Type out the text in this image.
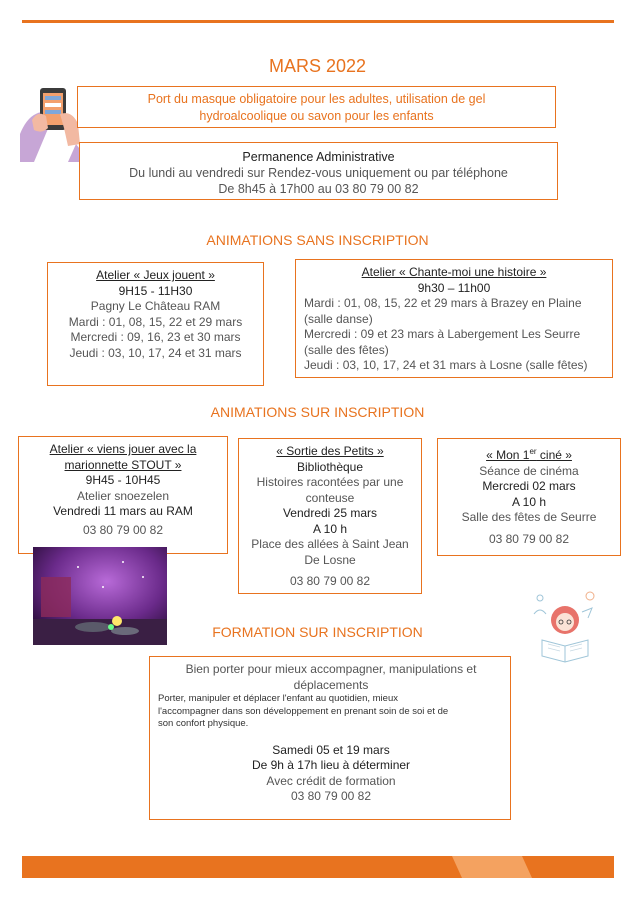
MARS 2022
Port du masque obligatoire pour les adultes, utilisation de gel
hydroalcoolique ou savon pour les enfants
Permanence Administrative
Du lundi au vendredi sur Rendez-vous uniquement ou par téléphone
De 8h45 à 17h00 au 03 80 79 00 82
ANIMATIONS SANS INSCRIPTION
Atelier « Jeux jouent »
9H15 - 11H30
Pagny Le Château RAM
Mardi : 01, 08, 15, 22 et 29 mars
Mercredi : 09, 16, 23 et 30 mars
Jeudi : 03, 10, 17, 24 et 31 mars
Atelier « Chante-moi une histoire »
9h30 – 11h00
Mardi : 01, 08, 15, 22 et 29 mars à Brazey en Plaine
(salle danse)
Mercredi : 09 et 23 mars à Labergement Les Seurre
(salle des fêtes)
Jeudi : 03, 10, 17, 24 et 31 mars à Losne (salle fêtes)
ANIMATIONS SUR INSCRIPTION
Atelier « viens jouer avec la
marionnette STOUT »
9H45 - 10H45
Atelier snoezelen
Vendredi 11 mars au RAM
03 80 79 00 82
« Sortie des Petits »
Bibliothèque
Histoires racontées par une
conteuse
Vendredi 25 mars
A 10 h
Place des allées à Saint Jean
De Losne
03 80 79 00 82
« Mon 1er ciné »
Séance de cinéma
Mercredi 02 mars
A 10 h
Salle des fêtes de Seurre
03 80 79 00 82
FORMATION SUR INSCRIPTION
Bien porter pour mieux accompagner, manipulations et
déplacements
Porter, manipuler et déplacer l'enfant au quotidien, mieux
l'accompagner dans son développement en prenant soin de soi et de
son confort physique.
Samedi 05 et 19 mars
De 9h à 17h lieu à déterminer
Avec crédit de formation
03 80 79 00 82
